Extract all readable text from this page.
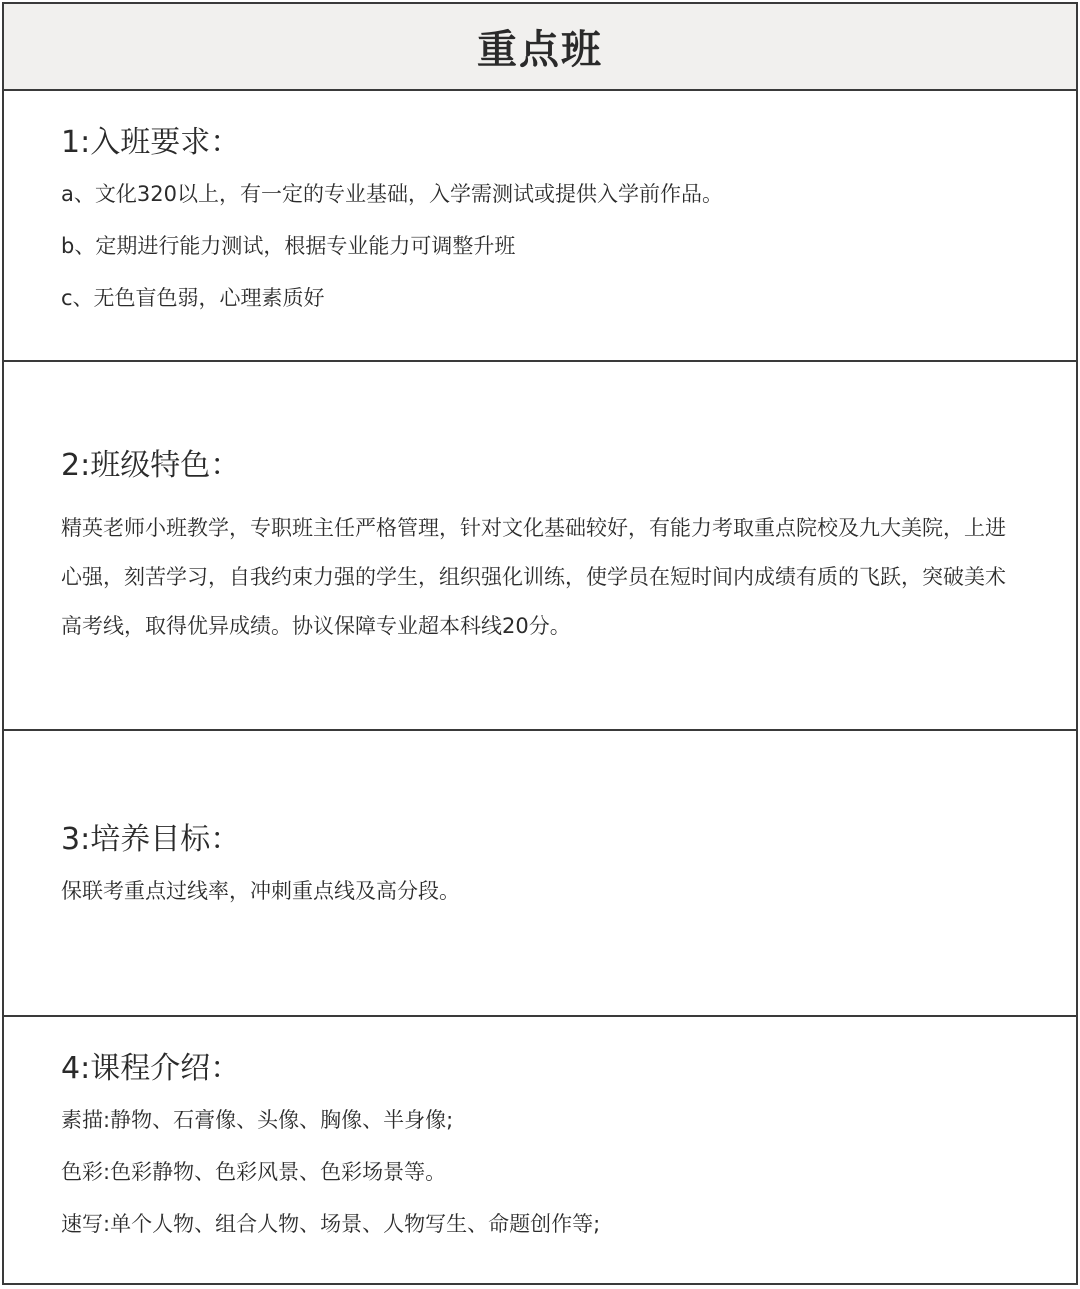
重点班
1:入班要求：
a、文化320以上，有一定的专业基础，入学需测试或提供入学前作品。
b、定期进行能力测试，根据专业能力可调整升班
c、无色盲色弱，心理素质好
2:班级特色：

精英老师小班教学，专职班主任严格管理，针对文化基础较好，有能力考取重点院校及九大美院，上进心强，刻苦学习，自我约束力强的学生，组织强化训练，使学员在短时间内成绩有质的飞跃，突破美术高考线，取得优异成绩。协议保障专业超本科线20分。

3:培养目标：
保联考重点过线率，冲刺重点线及高分段。
4:课程介绍：
素描:静物、石膏像、头像、胸像、半身像;
色彩:色彩静物、色彩风景、色彩场景等。
速写:单个人物、组合人物、场景、人物写生、命题创作等;
